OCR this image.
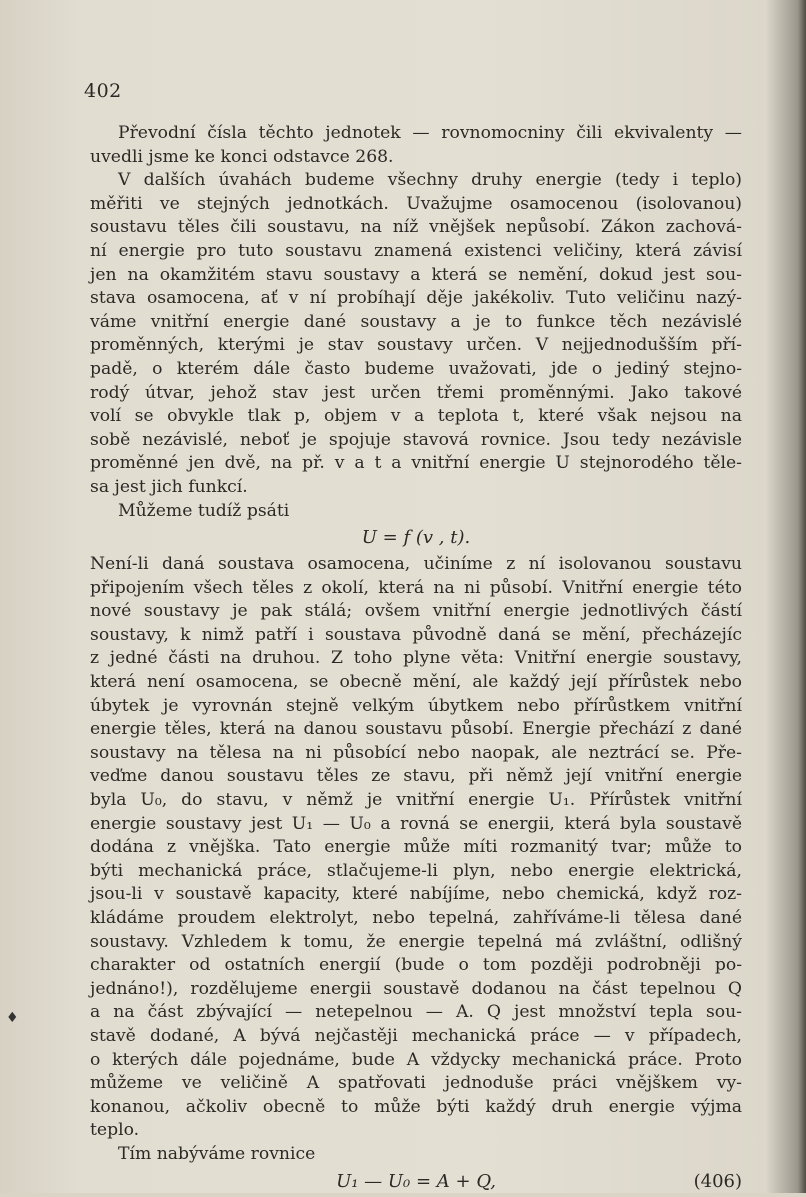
402
♦
Převodní čísla těchto jednotek — rovnomocniny čili ekvivalenty —
uvedli jsme ke konci odstavce 268.
V dalších úvahách budeme všechny druhy energie (tedy i teplo)
měřiti ve stejných jednotkách. Uvažujme osamocenou (isolovanou)
soustavu těles čili soustavu, na níž vnějšek nepůsobí. Zákon zachová-
ní energie pro tuto soustavu znamená existenci veličiny, která závisí
jen na okamžitém stavu soustavy a která se nemění, dokud jest sou-
stava osamocena, ať v ní probíhají děje jakékoliv. Tuto veličinu nazý-
váme vnitřní energie dané soustavy a je to funkce těch nezávislé
proměnných, kterými je stav soustavy určen. V nejjednodušším pří-
padě, o kterém dále často budeme uvažovati, jde o jediný stejno-
rodý útvar, jehož stav jest určen třemi proměnnými. Jako takové
volí se obvykle tlak p, objem v a teplota t, které však nejsou na
sobě nezávislé, neboť je spojuje stavová rovnice. Jsou tedy nezávisle
proměnné jen dvě, na př. v a t a vnitřní energie U stejnorodého těle-
sa jest jich funkcí.
Můžeme tudíž psáti
U = f (v , t).
Není-li daná soustava osamocena, učiníme z ní isolovanou soustavu
připojením všech těles z okolí, která na ni působí. Vnitřní energie této
nové soustavy je pak stálá; ovšem vnitřní energie jednotlivých částí
soustavy, k nimž patří i soustava původně daná se mění, přecházejíc
z jedné části na druhou. Z toho plyne věta: Vnitřní energie soustavy,
která není osamocena, se obecně mění, ale každý její přírůstek nebo
úbytek je vyrovnán stejně velkým úbytkem nebo přírůstkem vnitřní
energie těles, která na danou soustavu působí. Energie přechází z dané
soustavy na tělesa na ni působící nebo naopak, ale neztrácí se. Pře-
veďme danou soustavu těles ze stavu, při němž její vnitřní energie
byla U₀, do stavu, v němž je vnitřní energie U₁. Přírůstek vnitřní
energie soustavy jest U₁ — U₀ a rovná se energii, která byla soustavě
dodána z vnějška. Tato energie může míti rozmanitý tvar; může to
býti mechanická práce, stlačujeme-li plyn, nebo energie elektrická,
jsou-li v soustavě kapacity, které nabíjíme, nebo chemická, když roz-
kládáme proudem elektrolyt, nebo tepelná, zahříváme-li tělesa dané
soustavy. Vzhledem k tomu, že energie tepelná má zvláštní, odlišný
charakter od ostatních energií (bude o tom později podrobněji po-
jednáno!), rozdělujeme energii soustavě dodanou na část tepelnou Q
a na část zbývající — netepelnou — A. Q jest množství tepla sou-
stavě dodané, A bývá nejčastěji mechanická práce — v případech,
o kterých dále pojednáme, bude A vždycky mechanická práce. Proto
můžeme ve veličině A spatřovati jednoduše práci vnějškem vy-
konanou, ačkoliv obecně to může býti každý druh energie výjma
teplo.
Tím nabýváme rovnice
U₁ — U₀ = A + Q,	(406)
